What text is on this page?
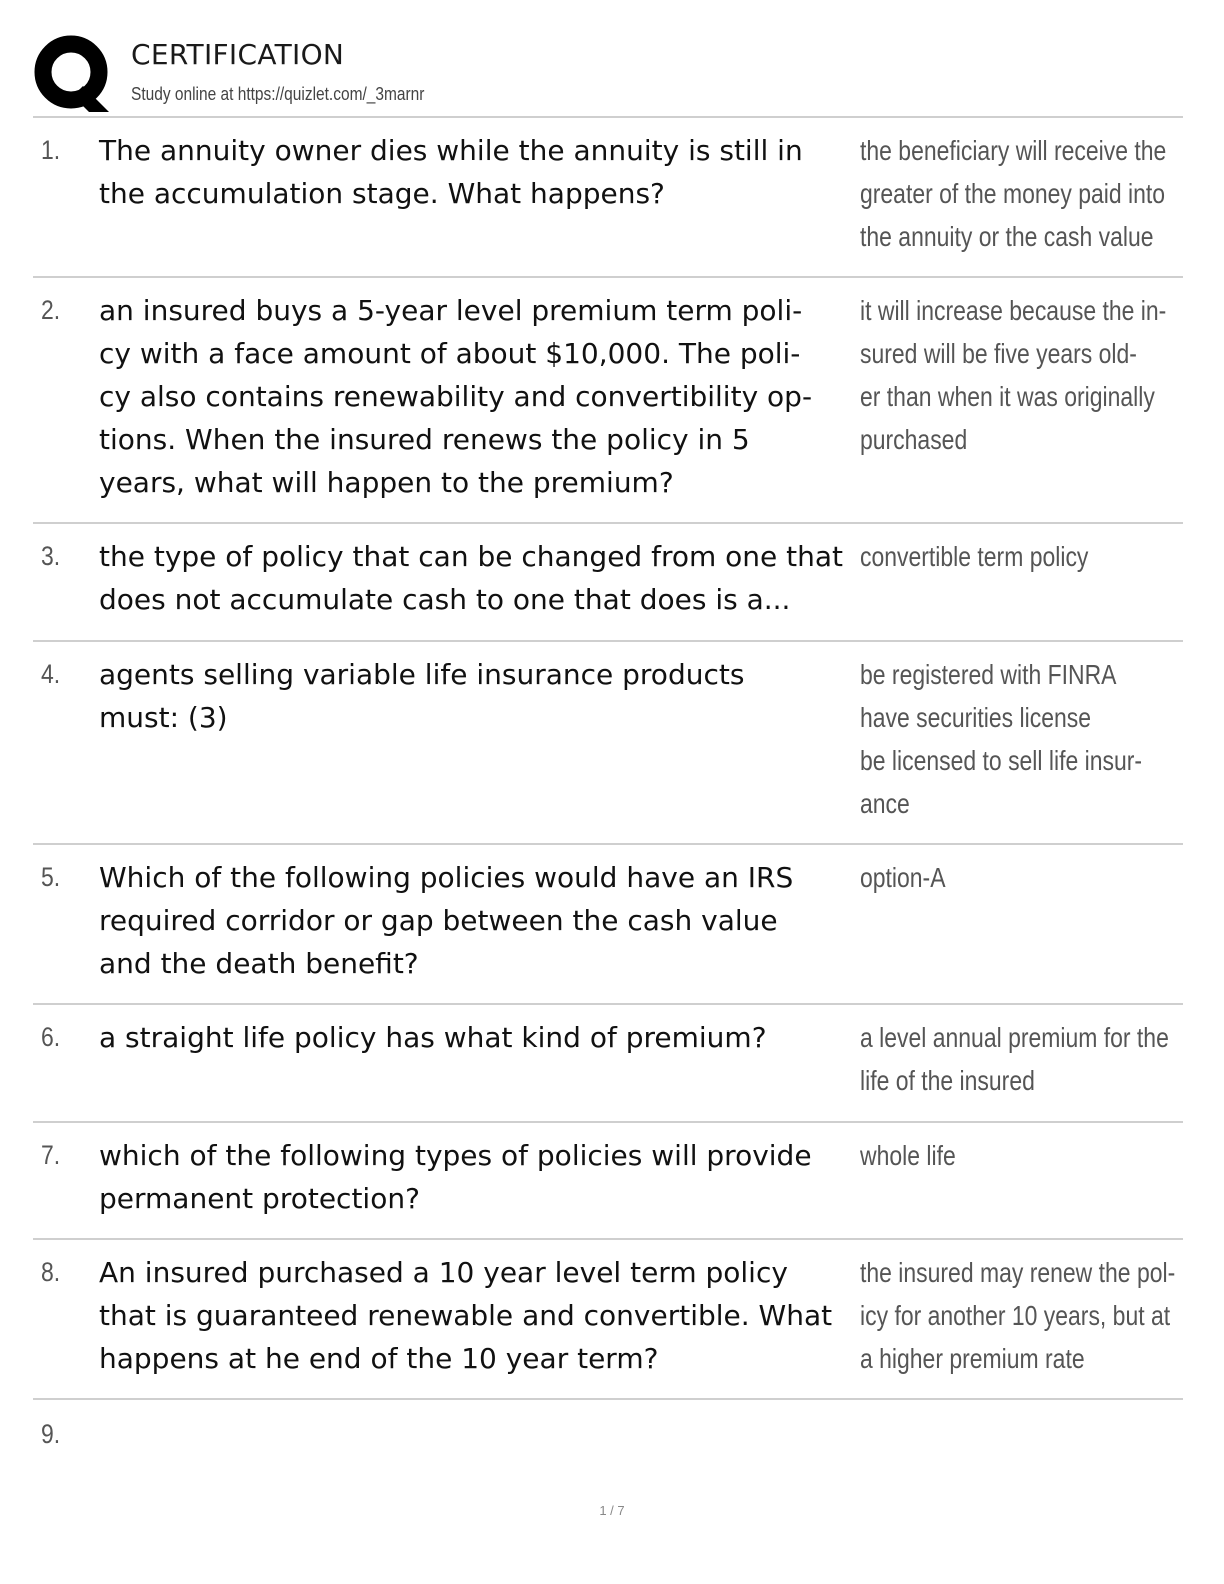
CERTIFICATION
Study online at https://quizlet.com/_3marnr
1. The annuity owner dies while the annuity is still in
the accumulation stage. What happens?
the beneficiary will receive the
greater of the money paid into
the annuity or the cash value
2. an insured buys a 5-year level premium term poli-
cy with a face amount of about $10,000. The poli-
cy also contains renewability and convertibility op-
tions. When the insured renews the policy in 5
years, what will happen to the premium?
it will increase because the in-
sured will be five years old-
er than when it was originally
purchased
3. the type of policy that can be changed from one that
does not accumulate cash to one that does is a...
convertible term policy
4. agents selling variable life insurance products
must: (3)
be registered with FINRA
have securities license
be licensed to sell life insur-
ance
5. Which of the following policies would have an IRS
required corridor or gap between the cash value
and the death benefit?
option-A
6. a straight life policy has what kind of premium?	a level annual premium for the
life of the insured
7. which of the following types of policies will provide
permanent protection?
whole life
8. An insured purchased a 10 year level term policy
that is guaranteed renewable and convertible. What
happens at he end of the 10 year term?
the insured may renew the pol-
icy for another 10 years, but at
a higher premium rate
9.
1 / 7
